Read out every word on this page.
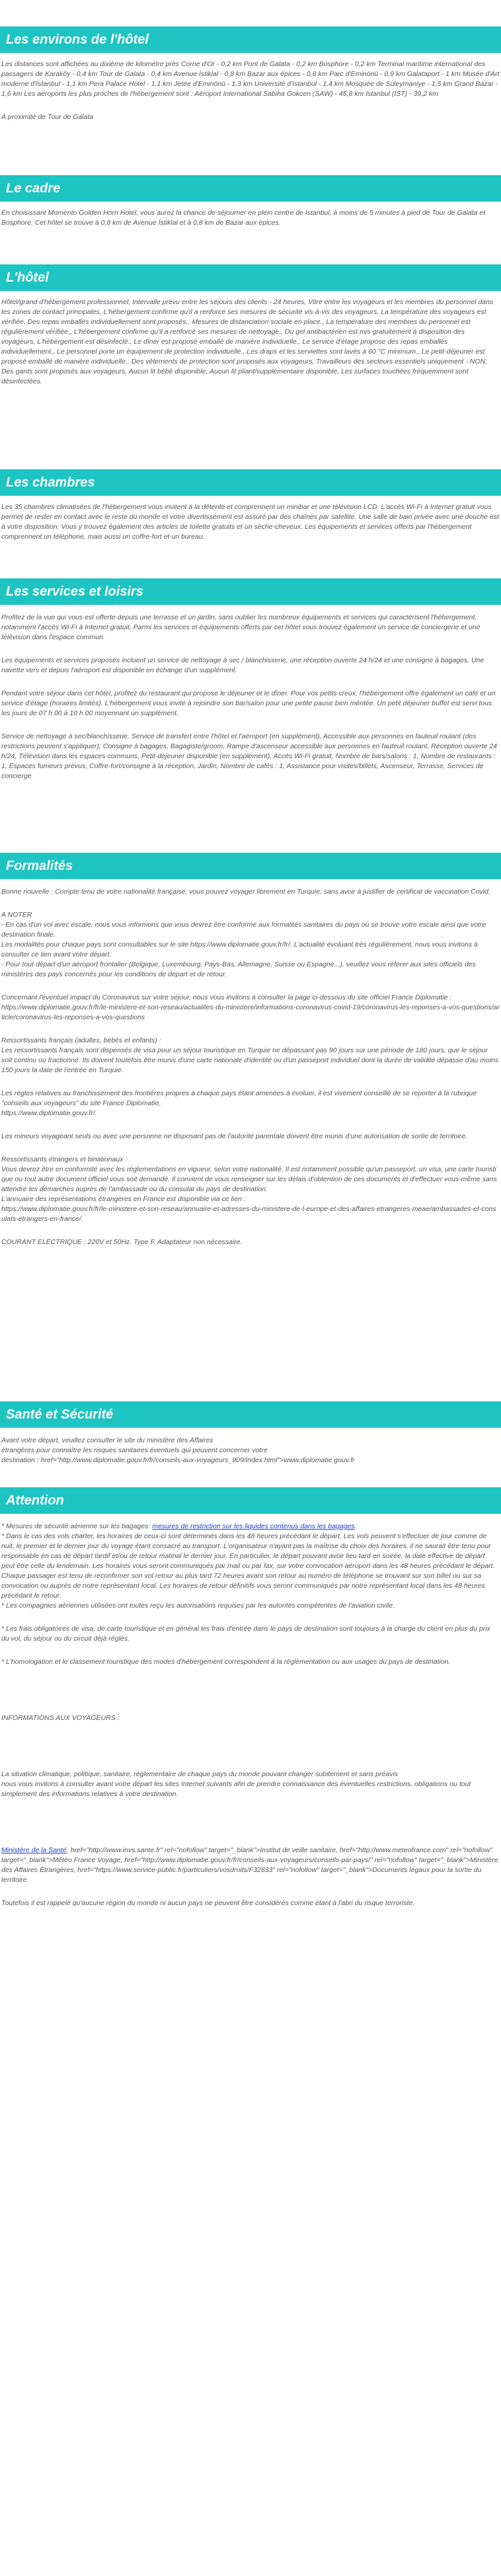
Les environs de l'hôtel

Les distances sont affichées au dixième de kilomètre près Corne d'Or - 0,2 km Pont de Galata - 0,2 km Bosphore - 0,2 km Terminal maritime international des passagers de Karaköy - 0,4 km Tour de Galata - 0,4 km Avenue İstiklal - 0,8 km Bazar aux épices - 0,8 km Parc d'Eminönü - 0,9 km Galataport - 1 km Musée d'Art moderne d'Istanbul - 1,1 km Pera Palace Hotel - 1,1 km Jetée d'Eminönü - 1,3 km Université d'Istanbul - 1,4 km Mosquée de Suleymaniye - 1,5 km Grand Bazar - 1,6 km Les aéroports les plus proches de l'hébergement sont : Aéroport International Sabiha Gokcen (SAW) - 45,8 km Istanbul (IST) - 39,2 km

À proximité de Tour de Galata

Le cadre

En choisissant Momento Golden Horn Hotel, vous aurez la chance de séjourner en plein centre de Istanbul, à moins de 5 minutes à pied de Tour de Galata et Bosphore. Cet hôtel se trouve à 0,8 km de Avenue İstiklal et à 0,8 km de Bazar aux épices.

L'hôtel

Hôtel/grand d'hébergement professionnel, Intervalle prévu entre les séjours des clients - 24 heures, Vitre entre les voyageurs et les membres du personnel dans les zones de contact principales, L'hébergement confirme qu'il a renforcé ses mesures de sécurité vis-à-vis des voyageurs, La température des voyageurs est vérifiée, Des repas emballés individuellement sont proposés., Mesures de distanciation sociale en place., La température des membres du personnel est régulièrement vérifiée., L'hébergement confirme qu'il a renforcé ses mesures de nettoyage., Du gel antibactérien est mis gratuitement à disposition des voyageurs, L'hébergement est désinfecté., Le dîner est proposé emballé de manière individuelle., Le service d'étage propose des repas emballés individuellement., Le personnel porte un équipement de protection individuelle., Les draps et les serviettes sont lavés à 60 °C minimum., Le petit-déjeuner est proposé emballé de manière individuelle., Des vêtements de protection sont proposés aux voyageurs, Travailleurs des secteurs essentiels uniquement - NON, Des gants sont proposés aux voyageurs, Aucun lit bébé disponible, Aucun lit pliant/supplémentaire disponible, Les surfaces touchées fréquemment sont désinfectées.

Les chambres

Les 35 chambres climatisées de l'hébergement vous invitent à la détente et comprennent un minibar et une télévision LCD. L'accès Wi-Fi à Internet gratuit vous permet de rester en contact avec le reste du monde et votre divertissement est assuré par des chaînes par satellite. Une salle de bain privée avec une douche est à votre disposition. Vous y trouvez également des articles de toilette gratuits et un sèche-cheveux. Les équipements et services offerts par l'hébergement comprennent un téléphone, mais aussi un coffre-fort et un bureau.

Les services et loisirs

Profitez de la vue qui vous est offerte depuis une terrasse et un jardin, sans oublier les nombreux équipements et services qui caractérisent l'hébergement, notamment l'accès Wi-Fi à Internet gratuit. Parmi les services et équipements offerts par cet hôtel vous trouvez également un service de conciergerie et une télévision dans l'espace commun.

Les équipements et services proposés incluent un service de nettoyage à sec / blanchisserie, une réception ouverte 24 h/24 et une consigne à bagages. Une navette vers et depuis l'aéroport est disponible en échange d'un supplément.

Pendant votre séjour dans cet hôtel, profitez du restaurant qui propose le déjeuner et le dîner. Pour vos petits creux, l'hébergement offre également un café et un service d'étage (horaires limités). L'hébergement vous invite à rejoindre son bar/salon pour une petite pause bien méritée. Un petit déjeuner buffet est servi tous les jours de 07 h 00 à 10 h 00 moyennant un supplément.

Service de nettoyage à sec/blanchisserie, Service de transfert entre l'hôtel et l'aéroport (en supplément), Accessible aux personnes en fauteuil roulant (des restrictions peuvent s'appliquer), Consigne à bagages, Bagagiste/groom, Rampe d'ascenseur accessible aux personnes en fauteuil roulant, Réception ouverte 24 h/24, Télévision dans les espaces communs, Petit-déjeuner disponible (en supplément), Accès Wi-Fi gratuit, Nombre de bars/salons : 1, Nombre de restaurants : 1, Espaces fumeurs prévus, Coffre-fort/consigne à la réception, Jardin, Nombre de cafés : 1, Assistance pour visites/billets, Ascenseur, Terrasse, Services de concierge

Formalités

Bonne nouvelle : Compte tenu de votre nationalité française, vous pouvez voyager librement en Turquie, sans avoir à justifier de certificat de vaccination Covid.

A NOTER
- En cas d'un vol avec escale, nous vous informons que vous devrez être conforme aux formalités sanitaires du pays où se trouve votre escale ainsi que votre destination finale.
Les modalités pour chaque pays sont consultables sur le site https://www.diplomatie.gouv.fr/fr/. L'actualité évoluant très régulièrement, nous vous invitons à consulter ce lien avant votre départ.
- Pour tout départ d'un aéroport frontalier (Belgique, Luxembourg, Pays-Bas, Allemagne, Suisse ou Espagne...), veuillez vous référer aux sites officiels des ministères des pays concernés pour les conditions de départ et de retour.

Concernant l'éventuel impact du Coronavirus sur votre séjour, nous vous invitons à consulter la page ci-dessous du site officiel France Diplomatie :
https://www.diplomatie.gouv.fr/fr/le-ministere-et-son-reseau/actualites-du-ministere/informations-coronavirus-covid-19/coronavirus-les-reponses-a-vos-questions/article/coronavirus-les-reponses-a-vos-questions

Ressortissants français (adultes, bébés et enfants) :
Les ressortissants français sont dispensés de visa pour un séjour touristique en Turquie ne dépassant pas 90 jours sur une période de 180 jours, que le séjour soit continu ou fractionné. Ils doivent toutefois être munis d'une carte nationale d'identité ou d'un passeport individuel dont la durée de validité dépasse d'au moins 150 jours la date de l'entrée en Turquie.

Les règles relatives au franchissement des frontières propres à chaque pays étant amenées à évoluer, il est vivement conseillé de se reporter à la rubrique "conseils aux voyageurs" du site France Diplomatie,
https://www.diplomatie.gouv.fr/.

Les mineurs voyageant seuls ou avec une personne ne disposant pas de l'autorité parentale doivent être munis d'une autorisation de sortie de territoire.

Ressortissants étrangers et binationaux :
Vous devrez être en conformité avec les réglementations en vigueur, selon votre nationalité. Il est notamment possible qu'un passeport, un visa, une carte touristique ou tout autre document officiel vous soit demandé. Il convient de vous renseigner sur les délais d'obtention de ces documents et d'effectuer vous-même sans attendre les démarches auprès de l'ambassade ou du consulat du pays de destination.
L'annuaire des représentations étrangères en France est disponible via ce lien :
https://www.diplomatie.gouv.fr/fr/le-ministere-et-son-reseau/annuaire-et-adresses-du-ministere-de-l-europe-et-des-affaires-etrangeres-meae/ambassades-et-consulats-etrangers-en-france/.

COURANT ELECTRIQUE : 220V et 50Hz. Type F. Adaptateur non nécessaire.

Santé et Sécurité

Avant votre départ, veuillez consulter le site du ministère des Affaires
étrangères pour connaître les risques sanitaires éventuels qui peuvent concerner votre
destination : href="http://www.diplomatie.gouv.fr/fr/conseils-aux-voyageurs_909/index.html">www.diplomatie.gouv.fr

Attention

* Mesures de sécurité aérienne sur les bagages: mesures de restriction sur les liquides contenus dans les bagages.

* Dans le cas des vols charter, les horaires de ceux-ci sont déterminés dans les 48 heures précédant le départ. Les vols peuvent s'effectuer de jour comme de nuit, le premier et le dernier jour du voyage étant consacré au transport. L'organisateur n'ayant pas la maîtrise du choix des horaires, il ne saurait être tenu pour responsable en cas de départ tardif et/ou de retour matinal le dernier jour. En particulier, le départ pouvant avoir lieu tard en soirée, la date effective de départ peut être celle du lendemain. Les horaires vous seront communiqués par mail ou par fax, sur votre convocation aéroport dans les 48 heures précédant le départ. Chaque passager est tenu de reconfirmer son vol retour au plus tard 72 heures avant son retour au numéro de téléphone se trouvant sur son billet ou sur sa convocation ou auprès de notre représentant local. Les horaires de retour définitifs vous seront communiqués par notre représentant local dans les 48 heures précédant le retour.
* Les compagnies aériennes utilisées ont toutes reçu les autorisations requises par les autorités compétentes de l'aviation civile.

* Les frais obligatoires de visa, de carte touristique et en général les frais d'entrée dans le pays de destination sont toujours à la charge du client en plus du prix du vol, du séjour ou du circuit déjà réglés.

* L'homologation et le classement touristique des modes d'hébergement correspondent à la réglementation ou aux usages du pays de destination.

INFORMATIONS AUX VOYAGEURS :

La situation climatique, politique, sanitaire, réglementaire de chaque pays du monde pouvant changer subitement et sans préavis
nous vous invitons à consulter avant votre départ les sites Internet suivants afin de prendre connaissance des éventuelles restrictions, obligations ou tout simplement des informations relatives à votre destination.

Ministère de la Santé, href="http://www.invs.sante.fr" rel="nofollow" target="_blank">Institut de veille sanitaire, href="http://www.meteofrance.com" rel="nofollow" target="_blank">Météo France Voyage, href="http://www.diplomatie.gouv.fr/fr/conseils-aux-voyageurs/conseils-par-pays/" rel="nofollow" target="_blank">Ministère des Affaires Etrangères, href="https://www.service-public.fr/particuliers/vosdroits/F32833" rel="nofollow" target="_blank">Documents légaux pour la sortie du territoire.

Toutefois il est rappelé qu'aucune région du monde ni aucun pays ne peuvent être considérés comme étant à l'abri du risque terroriste.
